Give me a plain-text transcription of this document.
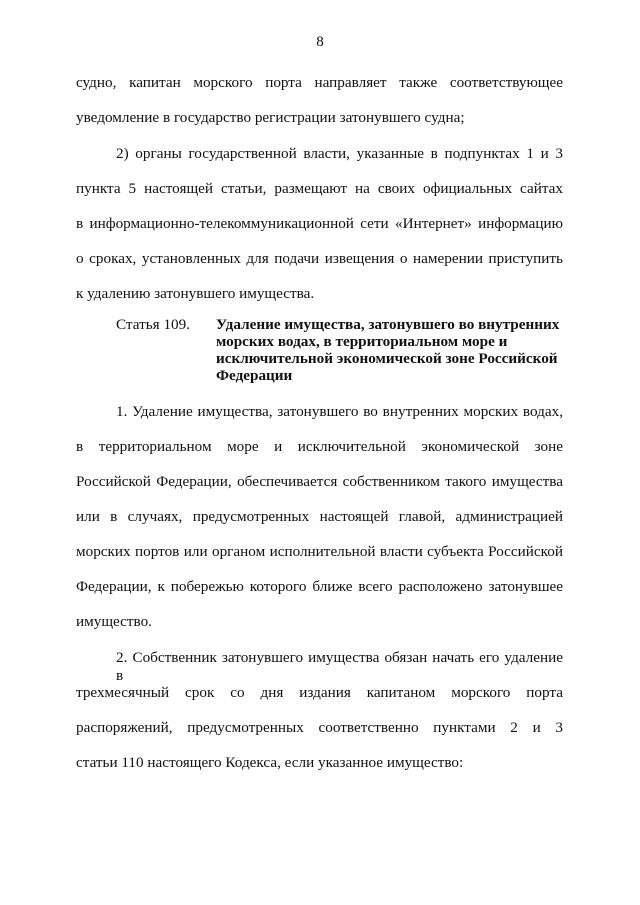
8
судно, капитан морского порта направляет также соответствующее
уведомление в государство регистрации затонувшего судна;
2) органы государственной власти, указанные в подпунктах 1 и 3
пункта 5 настоящей статьи, размещают на своих официальных сайтах
в информационно-телекоммуникационной сети «Интернет» информацию
о сроках, установленных для подачи извещения о намерении приступить
к удалению затонувшего имущества.
Статья 109. Удаление имущества, затонувшего во внутренних морских водах, в территориальном море и исключительной экономической зоне Российской Федерации
1. Удаление имущества, затонувшего во внутренних морских водах,
в территориальном море и исключительной экономической зоне
Российской Федерации, обеспечивается собственником такого имущества
или в случаях, предусмотренных настоящей главой, администрацией
морских портов или органом исполнительной власти субъекта Российской
Федерации, к побережью которого ближе всего расположено затонувшее
имущество.
2. Собственник затонувшего имущества обязан начать его удаление в
трехмесячный срок со дня издания капитаном морского порта
распоряжений, предусмотренных соответственно пунктами 2 и 3
статьи 110 настоящего Кодекса, если указанное имущество:
